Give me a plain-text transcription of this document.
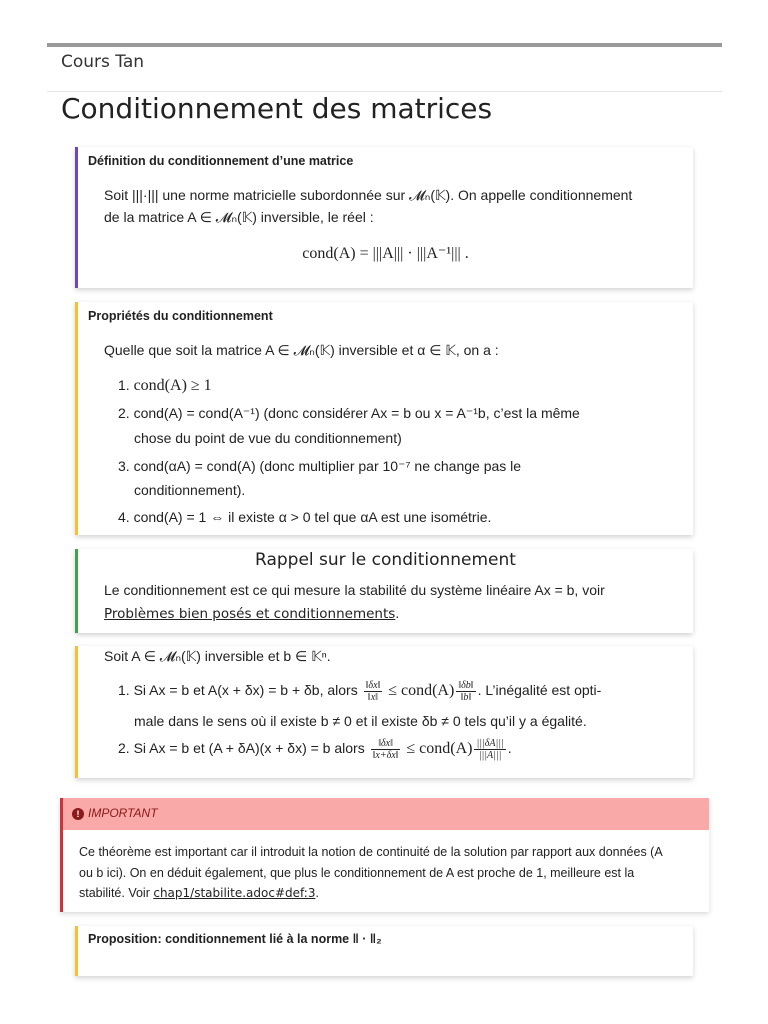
Cours Tan
Conditionnement des matrices
Définition du conditionnement d’une matrice
Soit |||·||| une norme matricielle subordonnée sur 𝓜ₙ(𝕂). On appelle conditionnement
de la matrice A ∈ 𝓜ₙ(𝕂) inversible, le réel :
cond(A) = |||A||| · |||A⁻¹||| .
Propriétés du conditionnement
Quelle que soit la matrice A ∈ 𝓜ₙ(𝕂) inversible et α ∈ 𝕂, on a :
1. cond(A) ≥ 1
2. cond(A) = cond(A⁻¹) (donc considérer Ax = b ou x = A⁻¹b, c’est la même
chose du point de vue du conditionnement)
3. cond(αA) = cond(A) (donc multiplier par 10⁻⁷ ne change pas le
conditionnement).
4. cond(A) = 1 ⇔ il existe α > 0 tel que αA est une isométrie.
Rappel sur le conditionnement
Le conditionnement est ce qui mesure la stabilité du système linéaire Ax = b, voir
Problèmes bien posés et conditionnements.
Soit A ∈ 𝓜ₙ(𝕂) inversible et b ∈ 𝕂ⁿ.
1. Si Ax = b et A(x + δx) = b + δb, alors $\frac{‖\delta x‖}{‖x‖}$ ≤ cond(A) $\frac{‖\delta b‖}{‖b‖}$ . L’inégalité est opti-
male dans le sens où il existe b ≠ 0 et il existe δb ≠ 0 tels qu’il y a égalité.
2. Si Ax = b et (A + δA)(x + δx) = b alors $\frac{‖\delta x‖}{‖x+\delta x‖}$ ≤ cond(A) $\frac{|||\delta A|||}{|||A|||}$ .
! IMPORTANT
Ce théorème est important car il introduit la notion de continuité de la solution par rapport aux données (A
ou b ici). On en déduit également, que plus le conditionnement de A est proche de 1, meilleure est la
stabilité. Voir chap1/stabilite.adoc#def:3.
Proposition: conditionnement lié à la norme ‖ · ‖₂
